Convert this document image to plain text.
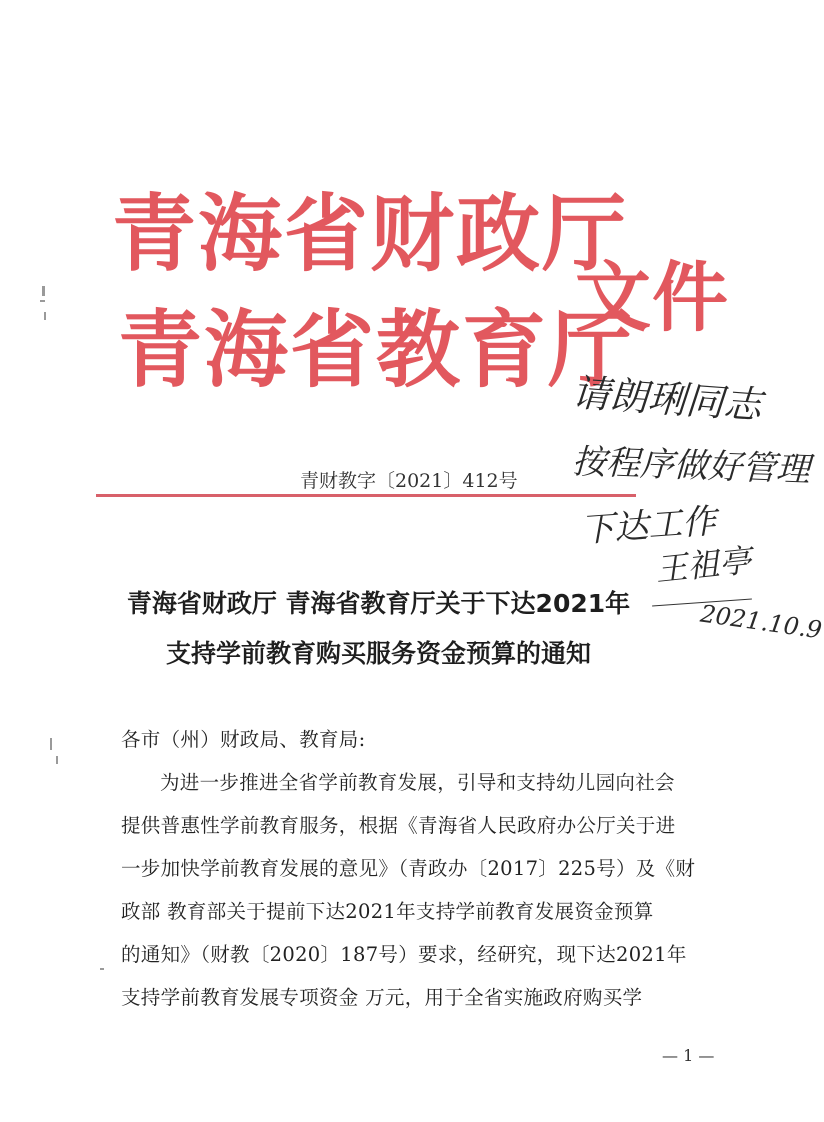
青海省财政厅
青海省教育厅
文件
请朗琍同志
按程序做好管理
下达工作
王祖亭
2021.10.9
青财教字〔2021〕412号
青海省财政厅 青海省教育厅关于下达2021年
支持学前教育购买服务资金预算的通知
各市（州）财政局、教育局:
为进一步推进全省学前教育发展，引导和支持幼儿园向社会
提供普惠性学前教育服务，根据《青海省人民政府办公厅关于进
一步加快学前教育发展的意见》（青政办〔2017〕225号）及《财
政部 教育部关于提前下达2021年支持学前教育发展资金预算
的通知》（财教〔2020〕187号）要求，经研究，现下达2021年
支持学前教育发展专项资金 万元，用于全省实施政府购买学
— 1 —
